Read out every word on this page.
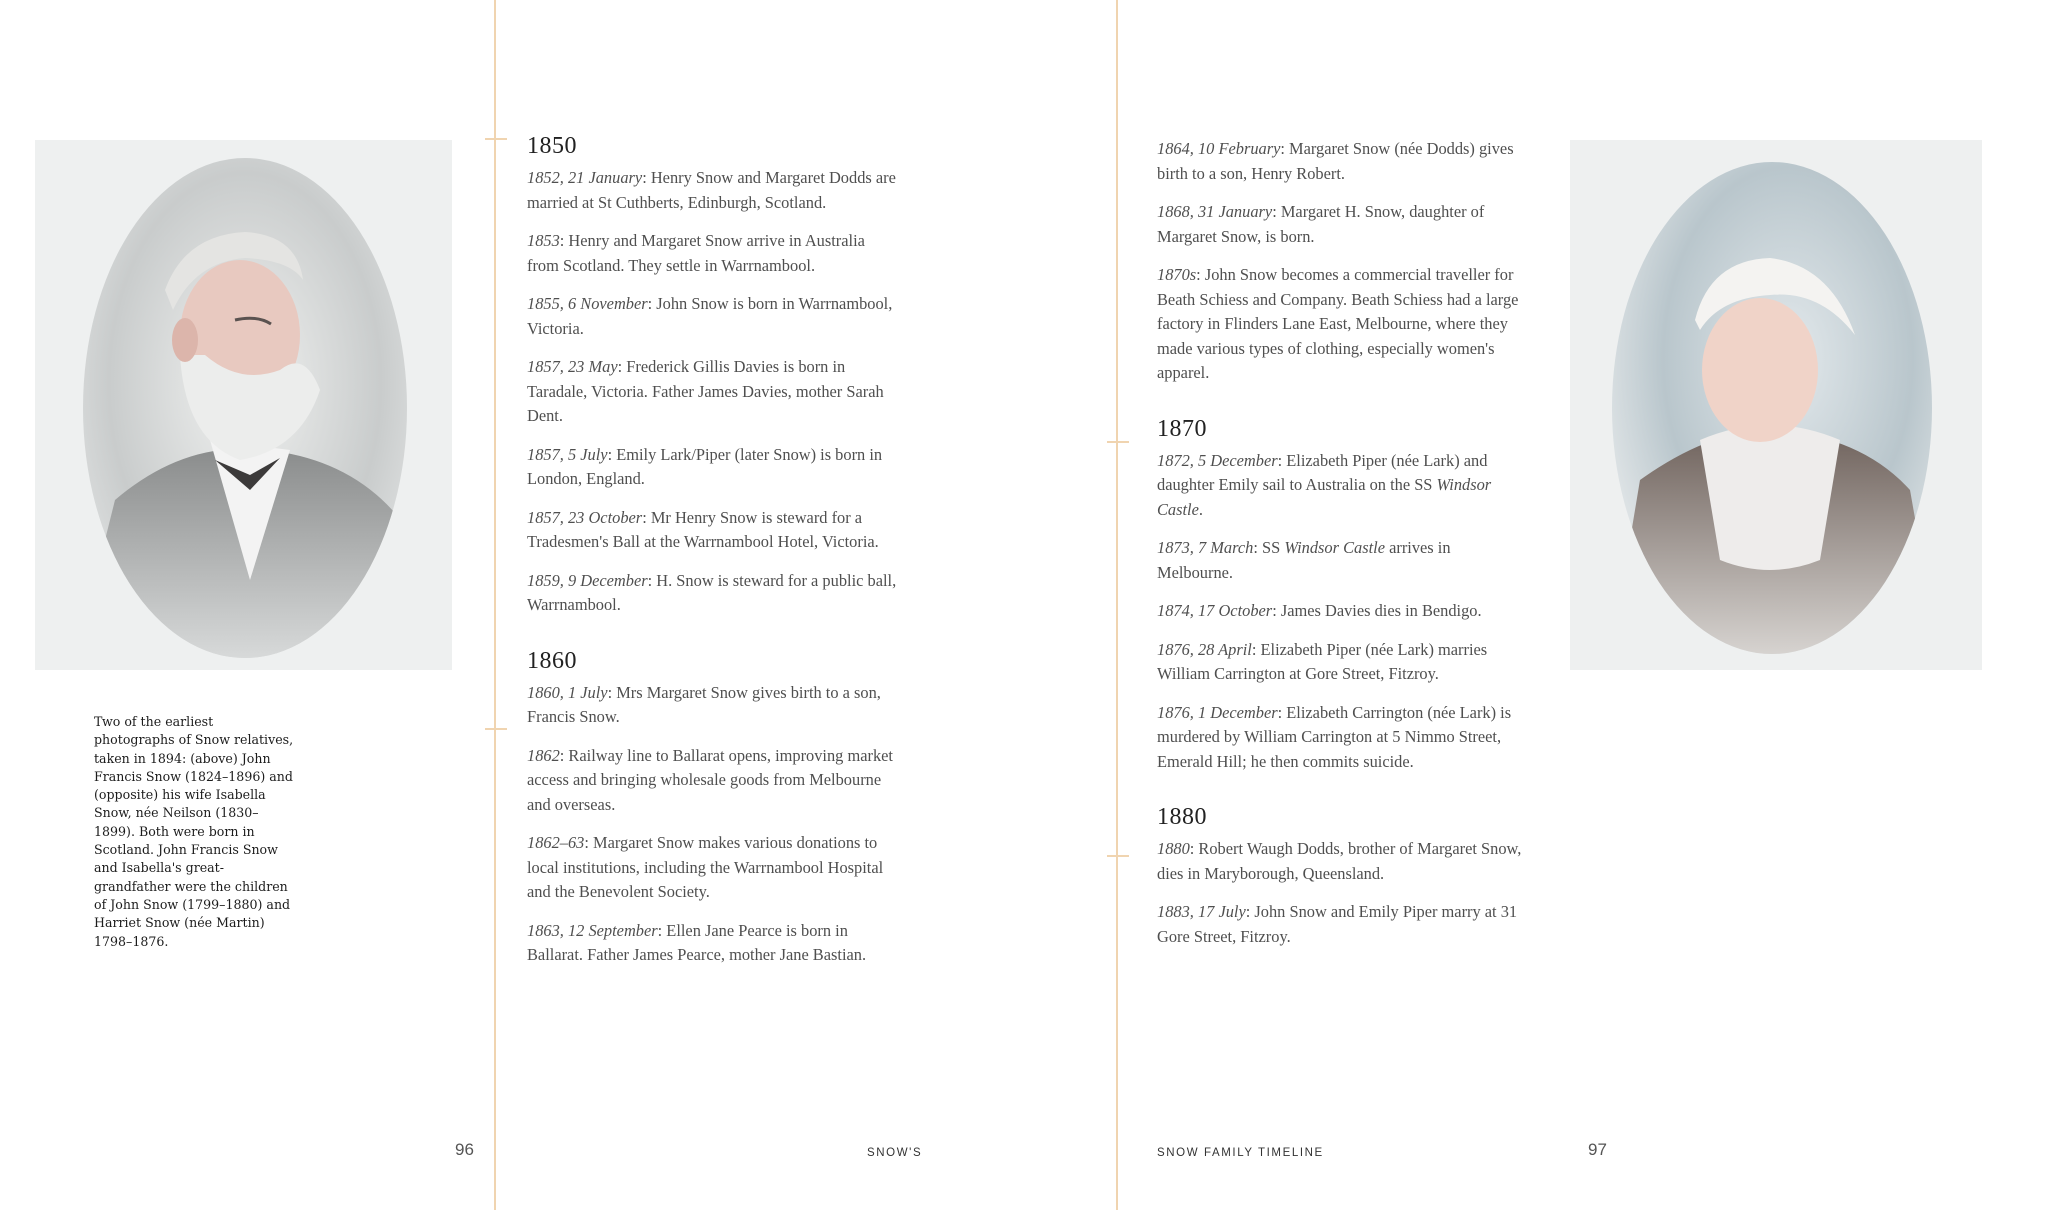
Two of the earliest photographs of Snow relatives, taken in 1894: (above) John Francis Snow (1824–1896) and (opposite) his wife Isabella Snow, née Neilson (1830–1899). Both were born in Scotland. John Francis Snow and Isabella's great-grandfather were the children of John Snow (1799–1880) and Harriet Snow (née Martin) 1798–1876.
1850

1852, 21 January: Henry Snow and Margaret Dodds are married at St Cuthberts, Edinburgh, Scotland.

1853: Henry and Margaret Snow arrive in Australia from Scotland. They settle in Warrnambool.

1855, 6 November: John Snow is born in Warrnambool, Victoria.

1857, 23 May: Frederick Gillis Davies is born in Taradale, Victoria. Father James Davies, mother Sarah Dent.

1857, 5 July: Emily Lark/Piper (later Snow) is born in London, England.

1857, 23 October: Mr Henry Snow is steward for a Tradesmen's Ball at the Warrnambool Hotel, Victoria.

1859, 9 December: H. Snow is steward for a public ball, Warrnambool.

1860

1860, 1 July: Mrs Margaret Snow gives birth to a son, Francis Snow.

1862: Railway line to Ballarat opens, improving market access and bringing wholesale goods from Melbourne and overseas.

1862–63: Margaret Snow makes various donations to local institutions, including the Warrnambool Hospital and the Benevolent Society.

1863, 12 September: Ellen Jane Pearce is born in Ballarat. Father James Pearce, mother Jane Bastian.

1864, 10 February: Margaret Snow (née Dodds) gives birth to a son, Henry Robert.

1868, 31 January: Margaret H. Snow, daughter of Margaret Snow, is born.

1870s: John Snow becomes a commercial traveller for Beath Schiess and Company. Beath Schiess had a large factory in Flinders Lane East, Melbourne, where they made various types of clothing, especially women's apparel.

1870

1872, 5 December: Elizabeth Piper (née Lark) and daughter Emily sail to Australia on the SS Windsor Castle.

1873, 7 March: SS Windsor Castle arrives in Melbourne.

1874, 17 October: James Davies dies in Bendigo.

1876, 28 April: Elizabeth Piper (née Lark) marries William Carrington at Gore Street, Fitzroy.

1876, 1 December: Elizabeth Carrington (née Lark) is murdered by William Carrington at 5 Nimmo Street, Emerald Hill; he then commits suicide.

1880

1880: Robert Waugh Dodds, brother of Margaret Snow, dies in Maryborough, Queensland.

1883, 17 July: John Snow and Emily Piper marry at 31 Gore Street, Fitzroy.

96	SNOW'S	SNOW FAMILY TIMELINE	97
